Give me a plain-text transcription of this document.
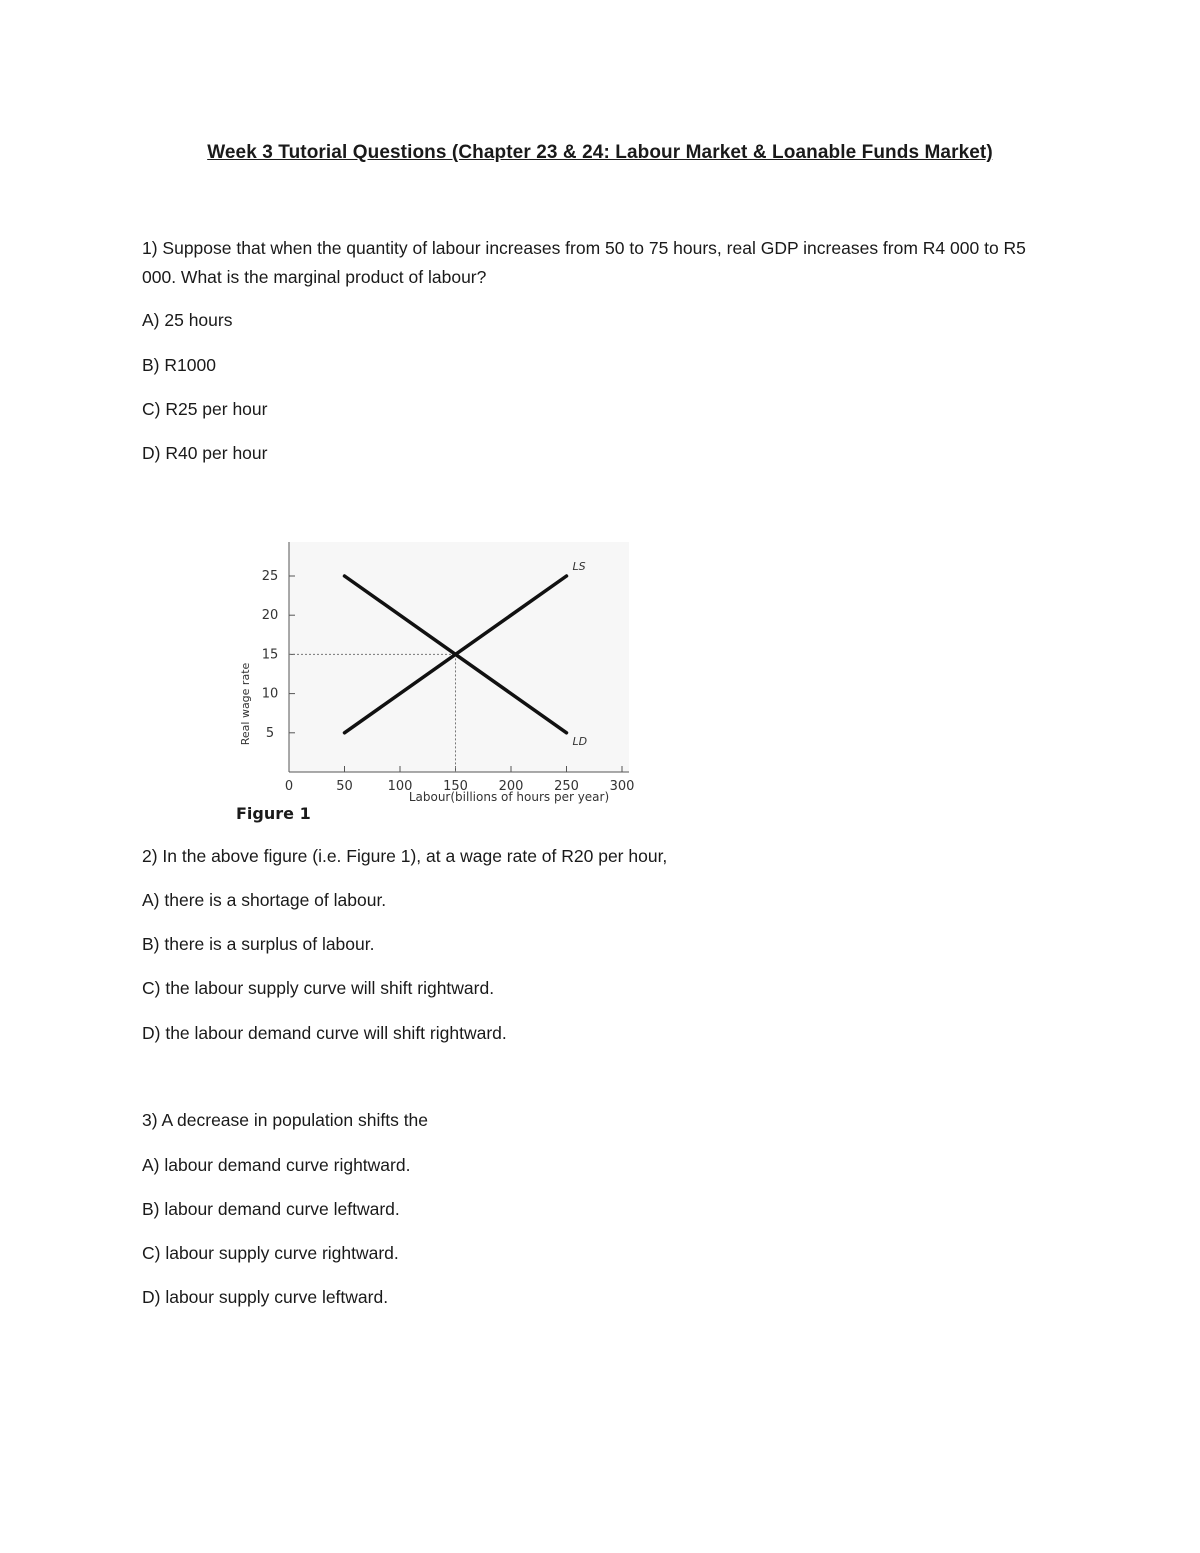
Week 3 Tutorial Questions (Chapter 23 & 24: Labour Market & Loanable Funds Market)
1) Suppose that when the quantity of labour increases from 50 to 75 hours, real GDP increases from R4 000 to R5 000. What is the marginal product of labour?
A) 25 hours
B) R1000
C) R25 per hour
D) R40 per hour
LS
LD
0	50	100 150 200 250 300
5
10
15
20
25
Real wage rate
Labour(billions of hours per year)
Figure 1
2) In the above figure (i.e. Figure 1), at a wage rate of R20 per hour,
A) there is a shortage of labour.
B) there is a surplus of labour.
C) the labour supply curve will shift rightward.
D) the labour demand curve will shift rightward.
3) A decrease in population shifts the
A) labour demand curve rightward.
B) labour demand curve leftward.
C) labour supply curve rightward.
D) labour supply curve leftward.
